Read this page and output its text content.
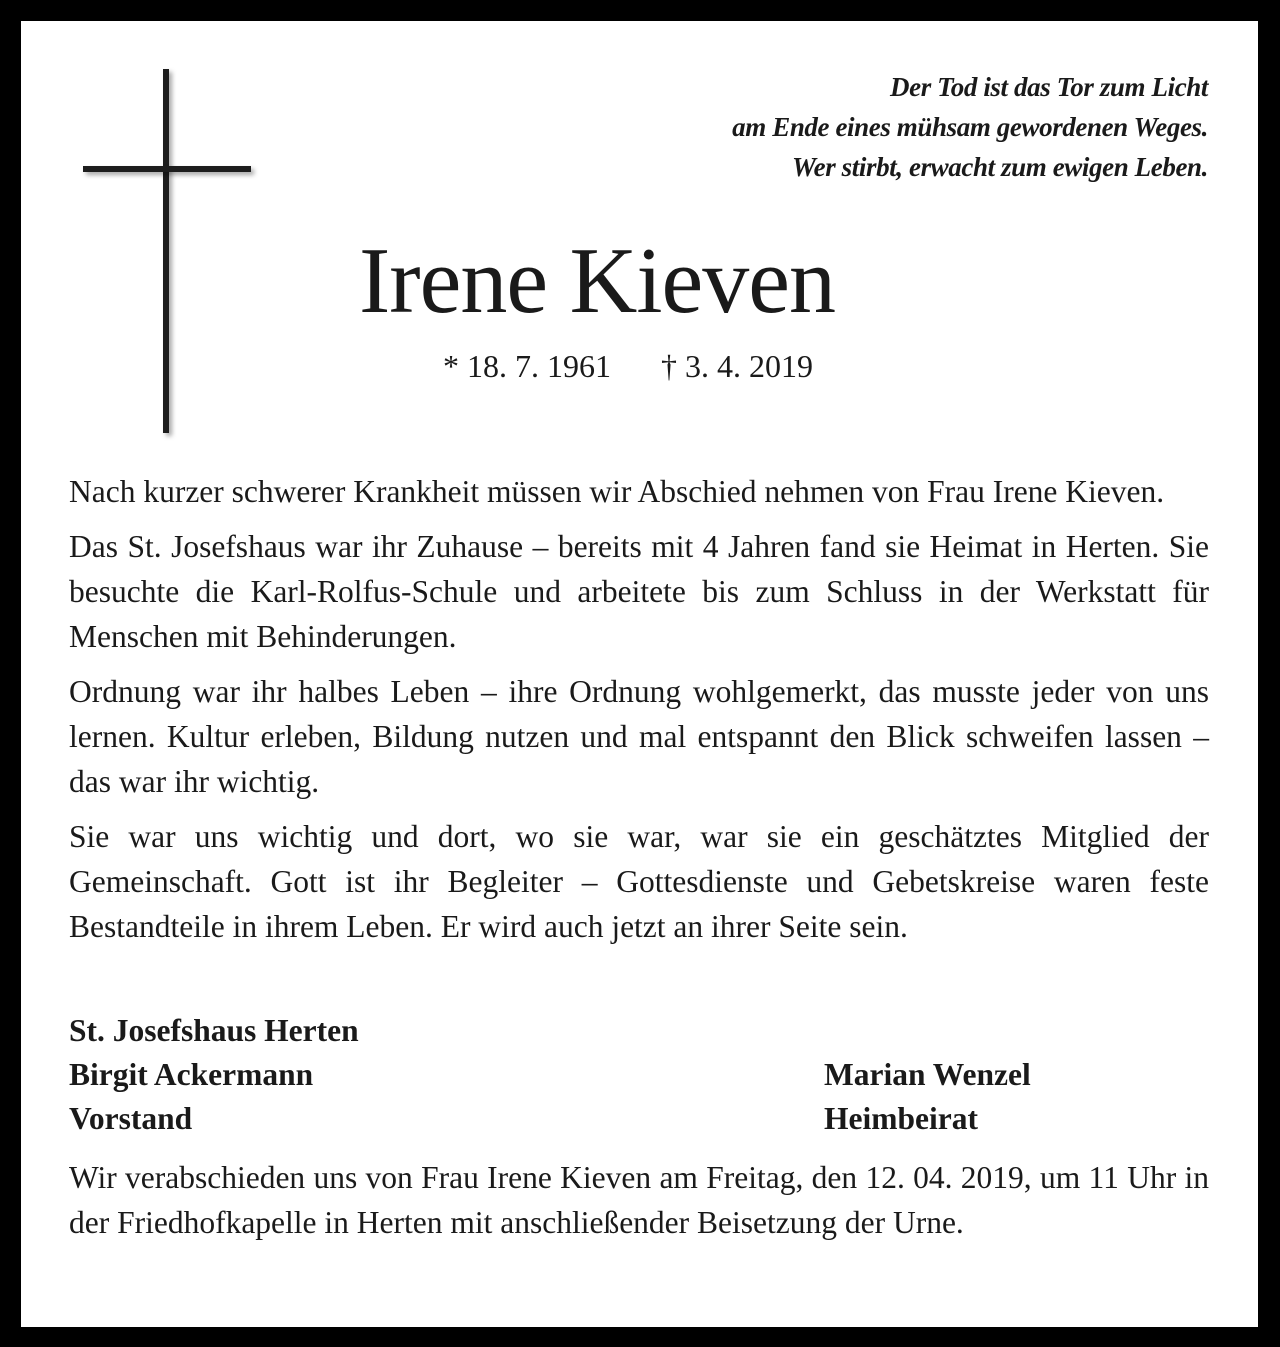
Der Tod ist das Tor zum Licht
am Ende eines mühsam gewordenen Weges.
Wer stirbt, erwacht zum ewigen Leben.
Irene Kieven
* 18. 7. 1961 † 3. 4. 2019

Nach kurzer schwerer Krankheit müssen wir Abschied nehmen von Frau Irene Kieven.

Das St. Josefshaus war ihr Zuhause – bereits mit 4 Jahren fand sie Heimat in Herten. Sie besuchte die Karl-Rolfus-Schule und arbeitete bis zum Schluss in der Werkstatt für Menschen mit Behinderungen.

Ordnung war ihr halbes Leben – ihre Ordnung wohlgemerkt, das musste jeder von uns lernen. Kultur erleben, Bildung nutzen und mal entspannt den Blick schweifen lassen – das war ihr wichtig.

Sie war uns wichtig und dort, wo sie war, war sie ein geschätztes Mitglied der Gemeinschaft. Gott ist ihr Begleiter – Gottesdienste und Gebetskreise waren feste Bestandteile in ihrem Leben. Er wird auch jetzt an ihrer Seite sein.

St. Josefshaus Herten
Birgit Ackermann	Marian Wenzel
Vorstand	Heimbeirat

Wir verabschieden uns von Frau Irene Kieven am Freitag, den 12. 04. 2019, um 11 Uhr in der Friedhofkapelle in Herten mit anschließender Beisetzung der Urne.
